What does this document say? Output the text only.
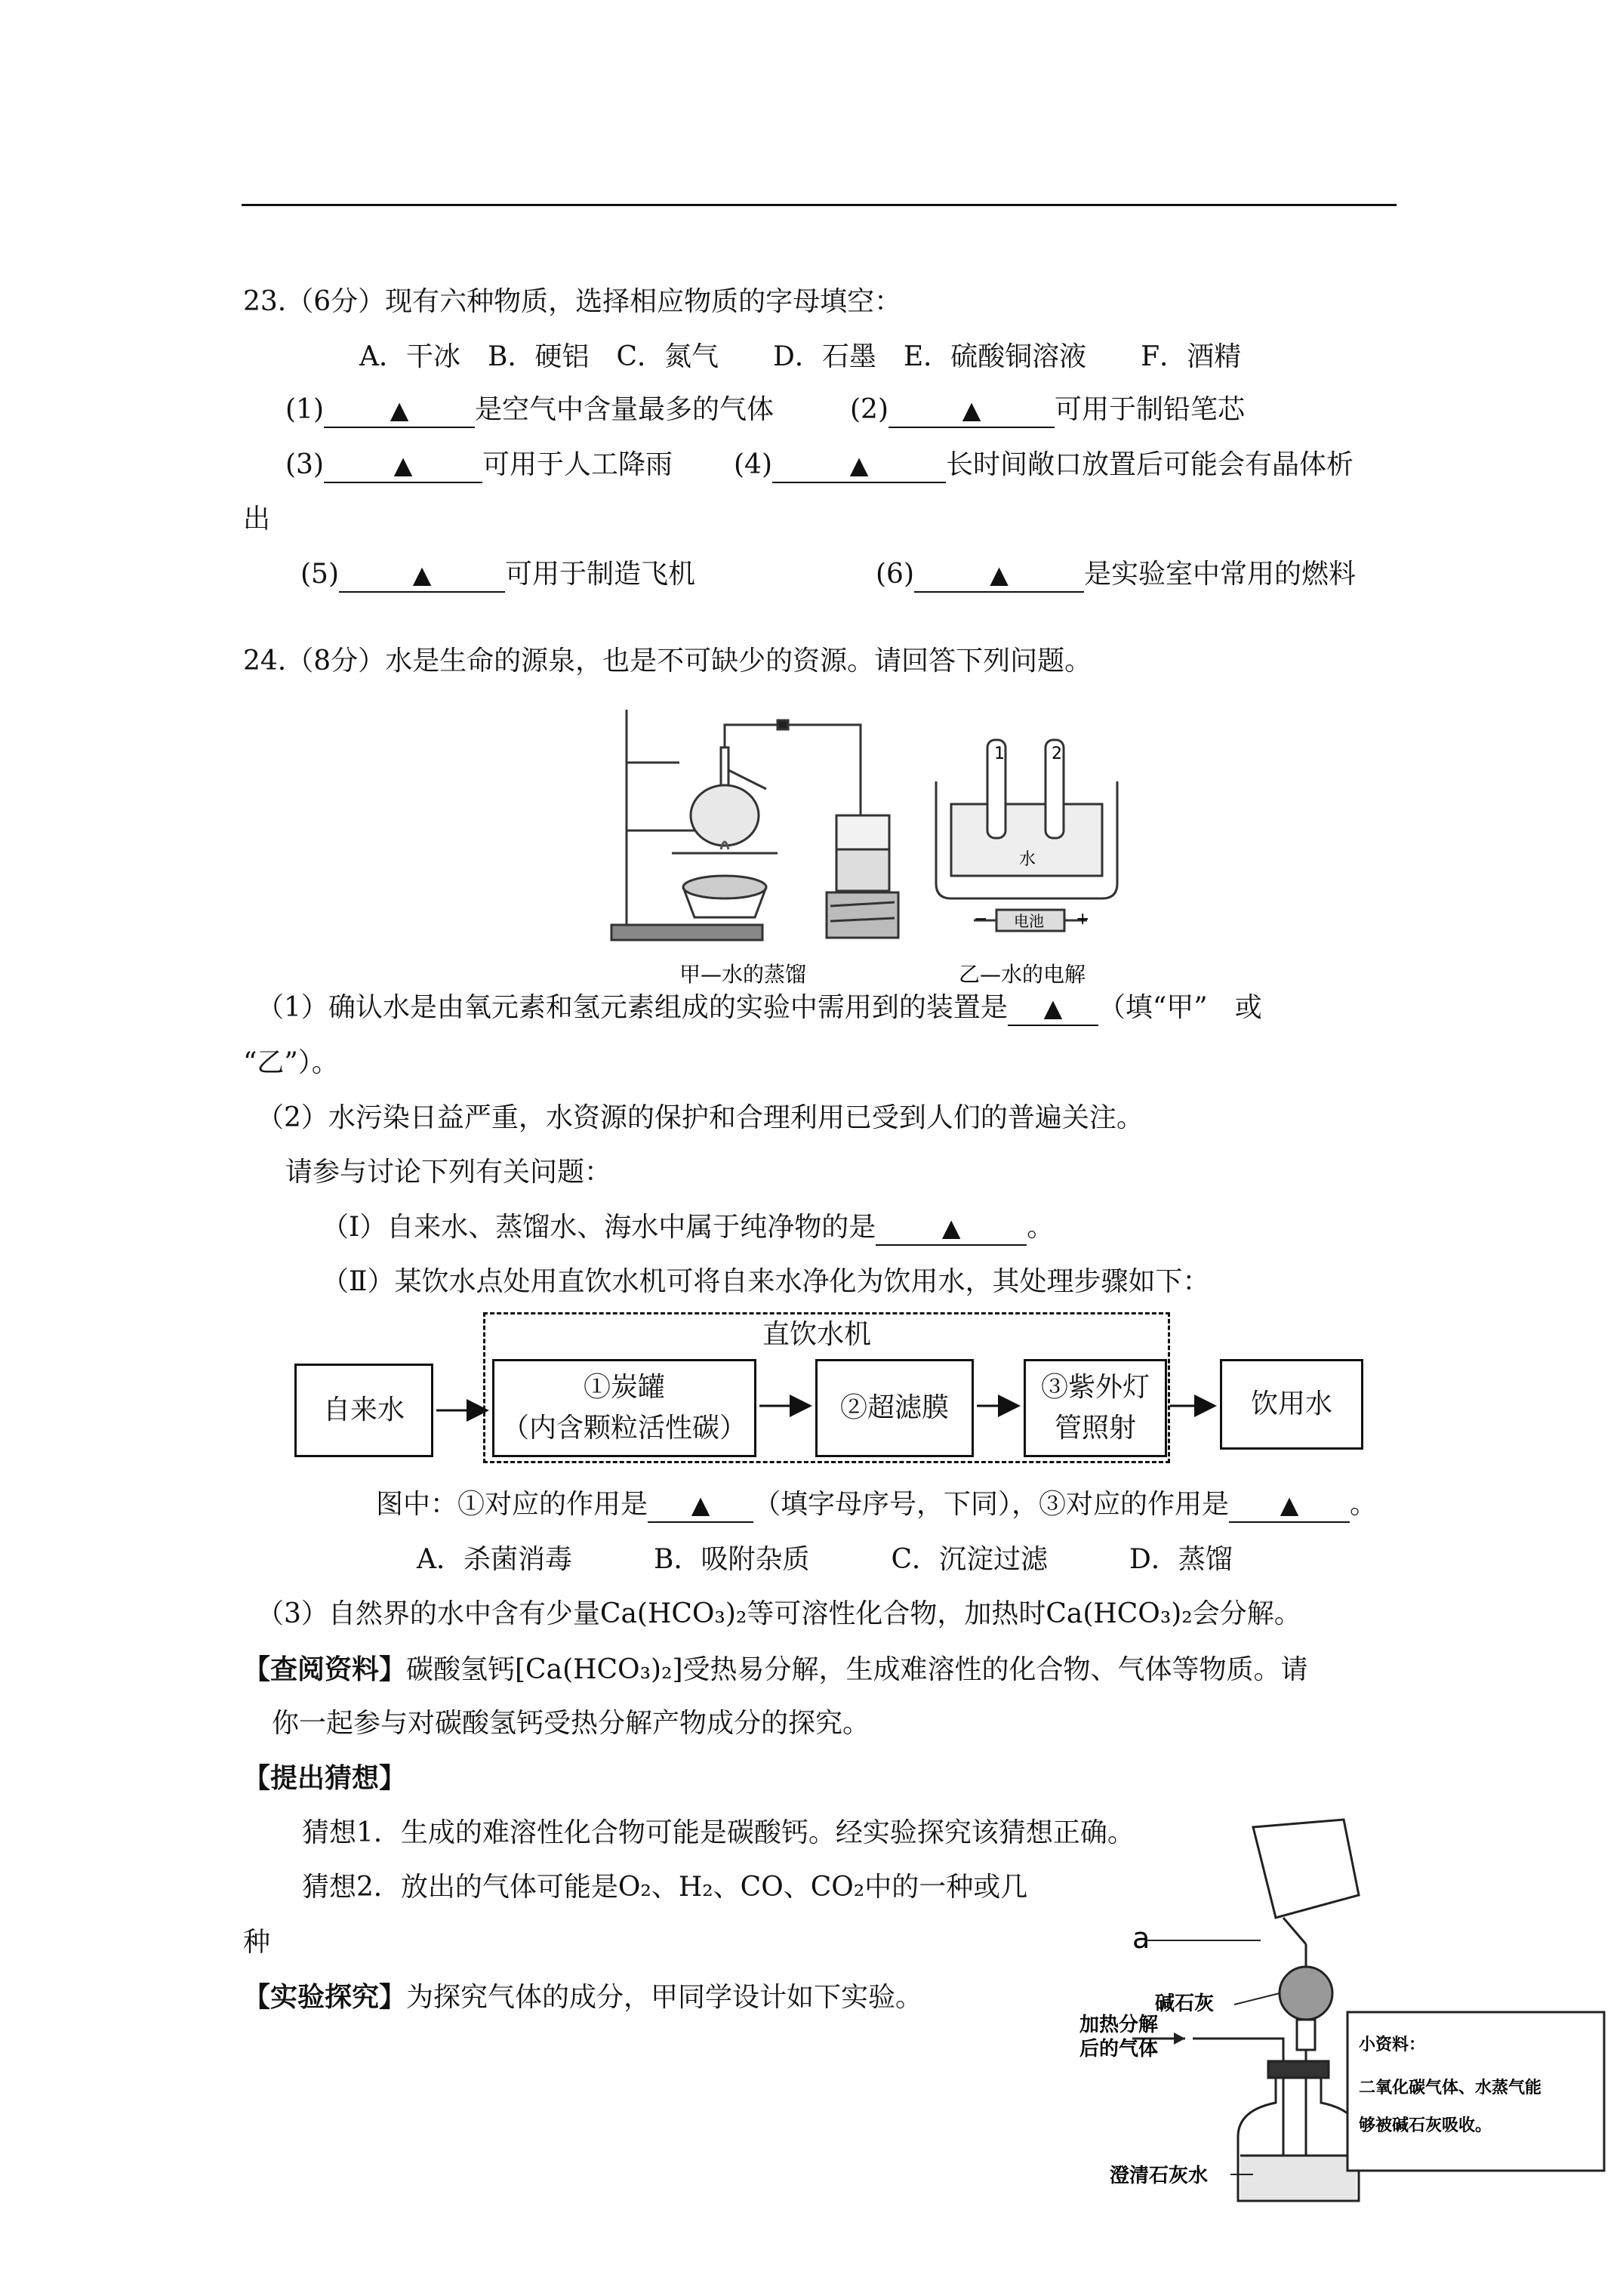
23.（6分）现有六种物质，选择相应物质的字母填空：
A．干冰　B．硬铝　C．氮气　　D．石墨　E．硫酸铜溶液　　F．酒精
(1)	▲ 是空气中含量最多的气体	(2)	▲	可用于制铅笔芯
(3)	▲	可用于人工降雨 (4)	▲	长时间敞口放置后可能会有晶体析
出
(5)	▲	可用于制造飞机	(6)	▲	是实验室中常用的燃料
24.（8分）水是生命的源泉，也是不可缺少的资源。请回答下列问题。
1	2
水
电池
−	+
甲—水的蒸馏	乙—水的电解
（1）确认水是由氧元素和氢元素组成的实验中需用到的装置是 ▲ （填“甲”　或
“乙”）。
（2）水污染日益严重，水资源的保护和合理利用已受到人们的普遍关注。
请参与讨论下列有关问题：
（Ⅰ）自来水、蒸馏水、海水中属于纯净物的是	▲ 。
（Ⅱ）某饮水点处用直饮水机可将自来水净化为饮用水，其处理步骤如下：
直饮水机
自来水
①炭罐
（内含颗粒活性碳）
②超滤膜
③紫外灯
管照射
饮用水
图中：①对应的作用是 ▲ （填字母序号，下同），③对应的作用是 ▲ 。
A．杀菌消毒　　　B．吸附杂质　　　C．沉淀过滤　　　D．蒸馏
（3）自然界的水中含有少量Ca(HCO₃)₂等可溶性化合物，加热时Ca(HCO₃)₂会分解。
【查阅资料】碳酸氢钙[Ca(HCO₃)₂]受热易分解，生成难溶性的化合物、气体等物质。请
你一起参与对碳酸氢钙受热分解产物成分的探究。
【提出猜想】
猜想1．生成的难溶性化合物可能是碳酸钙。经实验探究该猜想正确。
猜想2．放出的气体可能是O₂、H₂、CO、CO₂中的一种或几
种
【实验探究】为探究气体的成分，甲同学设计如下实验。
a
碱石灰
加热分解
后的气体
澄清石灰水
小资料：
二氧化碳气体、水蒸气能
够被碱石灰吸收。
